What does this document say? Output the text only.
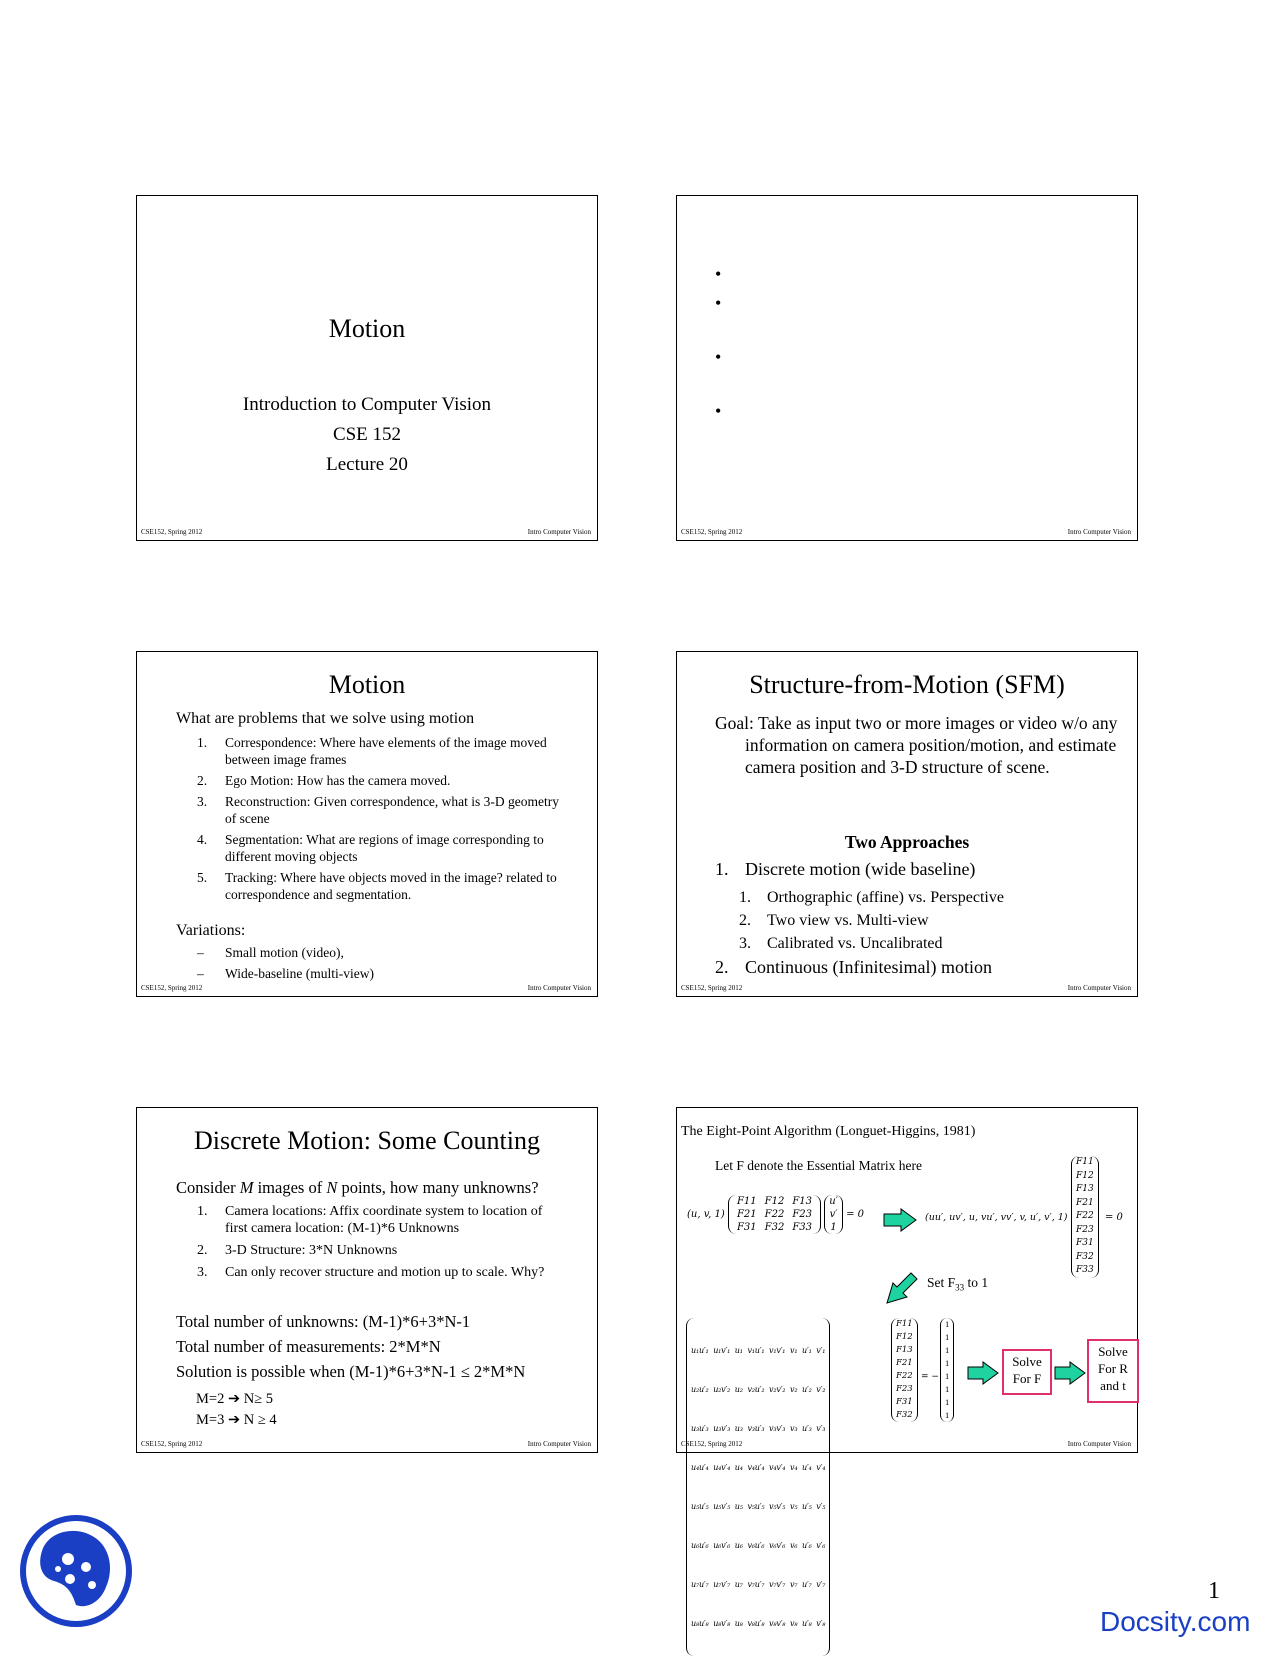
Motion
Introduction to Computer Vision
CSE 152
Lecture 20
CSE152, Spring 2012	Intro Computer Vision
•
•
•
•
CSE152, Spring 2012	Intro Computer Vision
Motion
What are problems that we solve using motion
1. Correspondence: Where have elements of the image moved between image frames
2. Ego Motion: How has the camera moved.
3. Reconstruction: Given correspondence, what is 3-D geometry of scene
4. Segmentation: What are regions of image corresponding to different moving objects
5. Tracking: Where have objects moved in the image? related to correspondence and segmentation.
Variations:
– Small motion (video),
– Wide-baseline (multi-view)
CSE152, Spring 2012	Intro Computer Vision
Structure-from-Motion (SFM)
Goal: Take as input two or more images or video w/o any information on camera position/motion, and estimate camera position and 3-D structure of scene.
Two Approaches
1. Discrete motion (wide baseline)
1. Orthographic (affine) vs. Perspective
2. Two view vs. Multi-view
3. Calibrated vs. Uncalibrated
2. Continuous (Infinitesimal) motion
CSE152, Spring 2012	Intro Computer Vision
Discrete Motion: Some Counting
Consider M images of N points, how many unknowns?
1. Camera locations: Affix coordinate system to location of first camera location: (M-1)*6 Unknowns
2. 3-D Structure: 3*N Unknowns
3. Can only recover structure and motion up to scale. Why?
Total number of unknowns: (M-1)*6+3*N-1
Total number of measurements: 2*M*N
Solution is possible when (M-1)*6+3*N-1 ≤ 2*M*N
M=2 ➔ N≥ 5
M=3 ➔ N ≥ 4
CSE152, Spring 2012	Intro Computer Vision
The Eight-Point Algorithm (Longuet-Higgins, 1981)
Let F denote the Essential Matrix here
(u, v, 1)
F11	F12	F13
F21	F22	F23
F31	F32	F33
u′
v′
1 = 0	(uu′, uv′, u, vu′, vv′, v, u′, v′, 1)
F11
F12
F13
F21
F22
F23
F31
F32
F33
= 0
Set $F_{33}$ to 1

u₁u′₁  u₁v′₁  u₁  v₁u′₁  v₁v′₁  v₁  u′₁  v′₁

u₂u′₂  u₂v′₂  u₂  v₂u′₂  v₂v′₂  v₂  u′₂  v′₂

u₃u′₃  u₃v′₃  u₃  v₃u′₃  v₃v′₃  v₃  u′₃  v′₃

u₄u′₄  u₄v′₄  u₄  v₄u′₄  v₄v′₄  v₄  u′₄  v′₄

u₅u′₅  u₅v′₅  u₅  v₅u′₅  v₅v′₅  v₅  u′₅  v′₅

u₆u′₆  u₆v′₆  u₆  v₆u′₆  v₆v′₆  v₆  u′₆  v′₆

u₇u′₇  u₇v′₇  u₇  v₇u′₇  v₇v′₇  v₇  u′₇  v′₇

u₈u′₈  u₈v′₈  u₈  v₈u′₈  v₈v′₈  v₈  u′₈  v′₈

F11
F12
F13
F21
F22
F23
F31
F32
= −
1
1
1
1
1
1
1
1
Solve
For F
Solve
For R
and t
CSE152, Spring 2012	Intro Computer Vision
1
Docsity.com
